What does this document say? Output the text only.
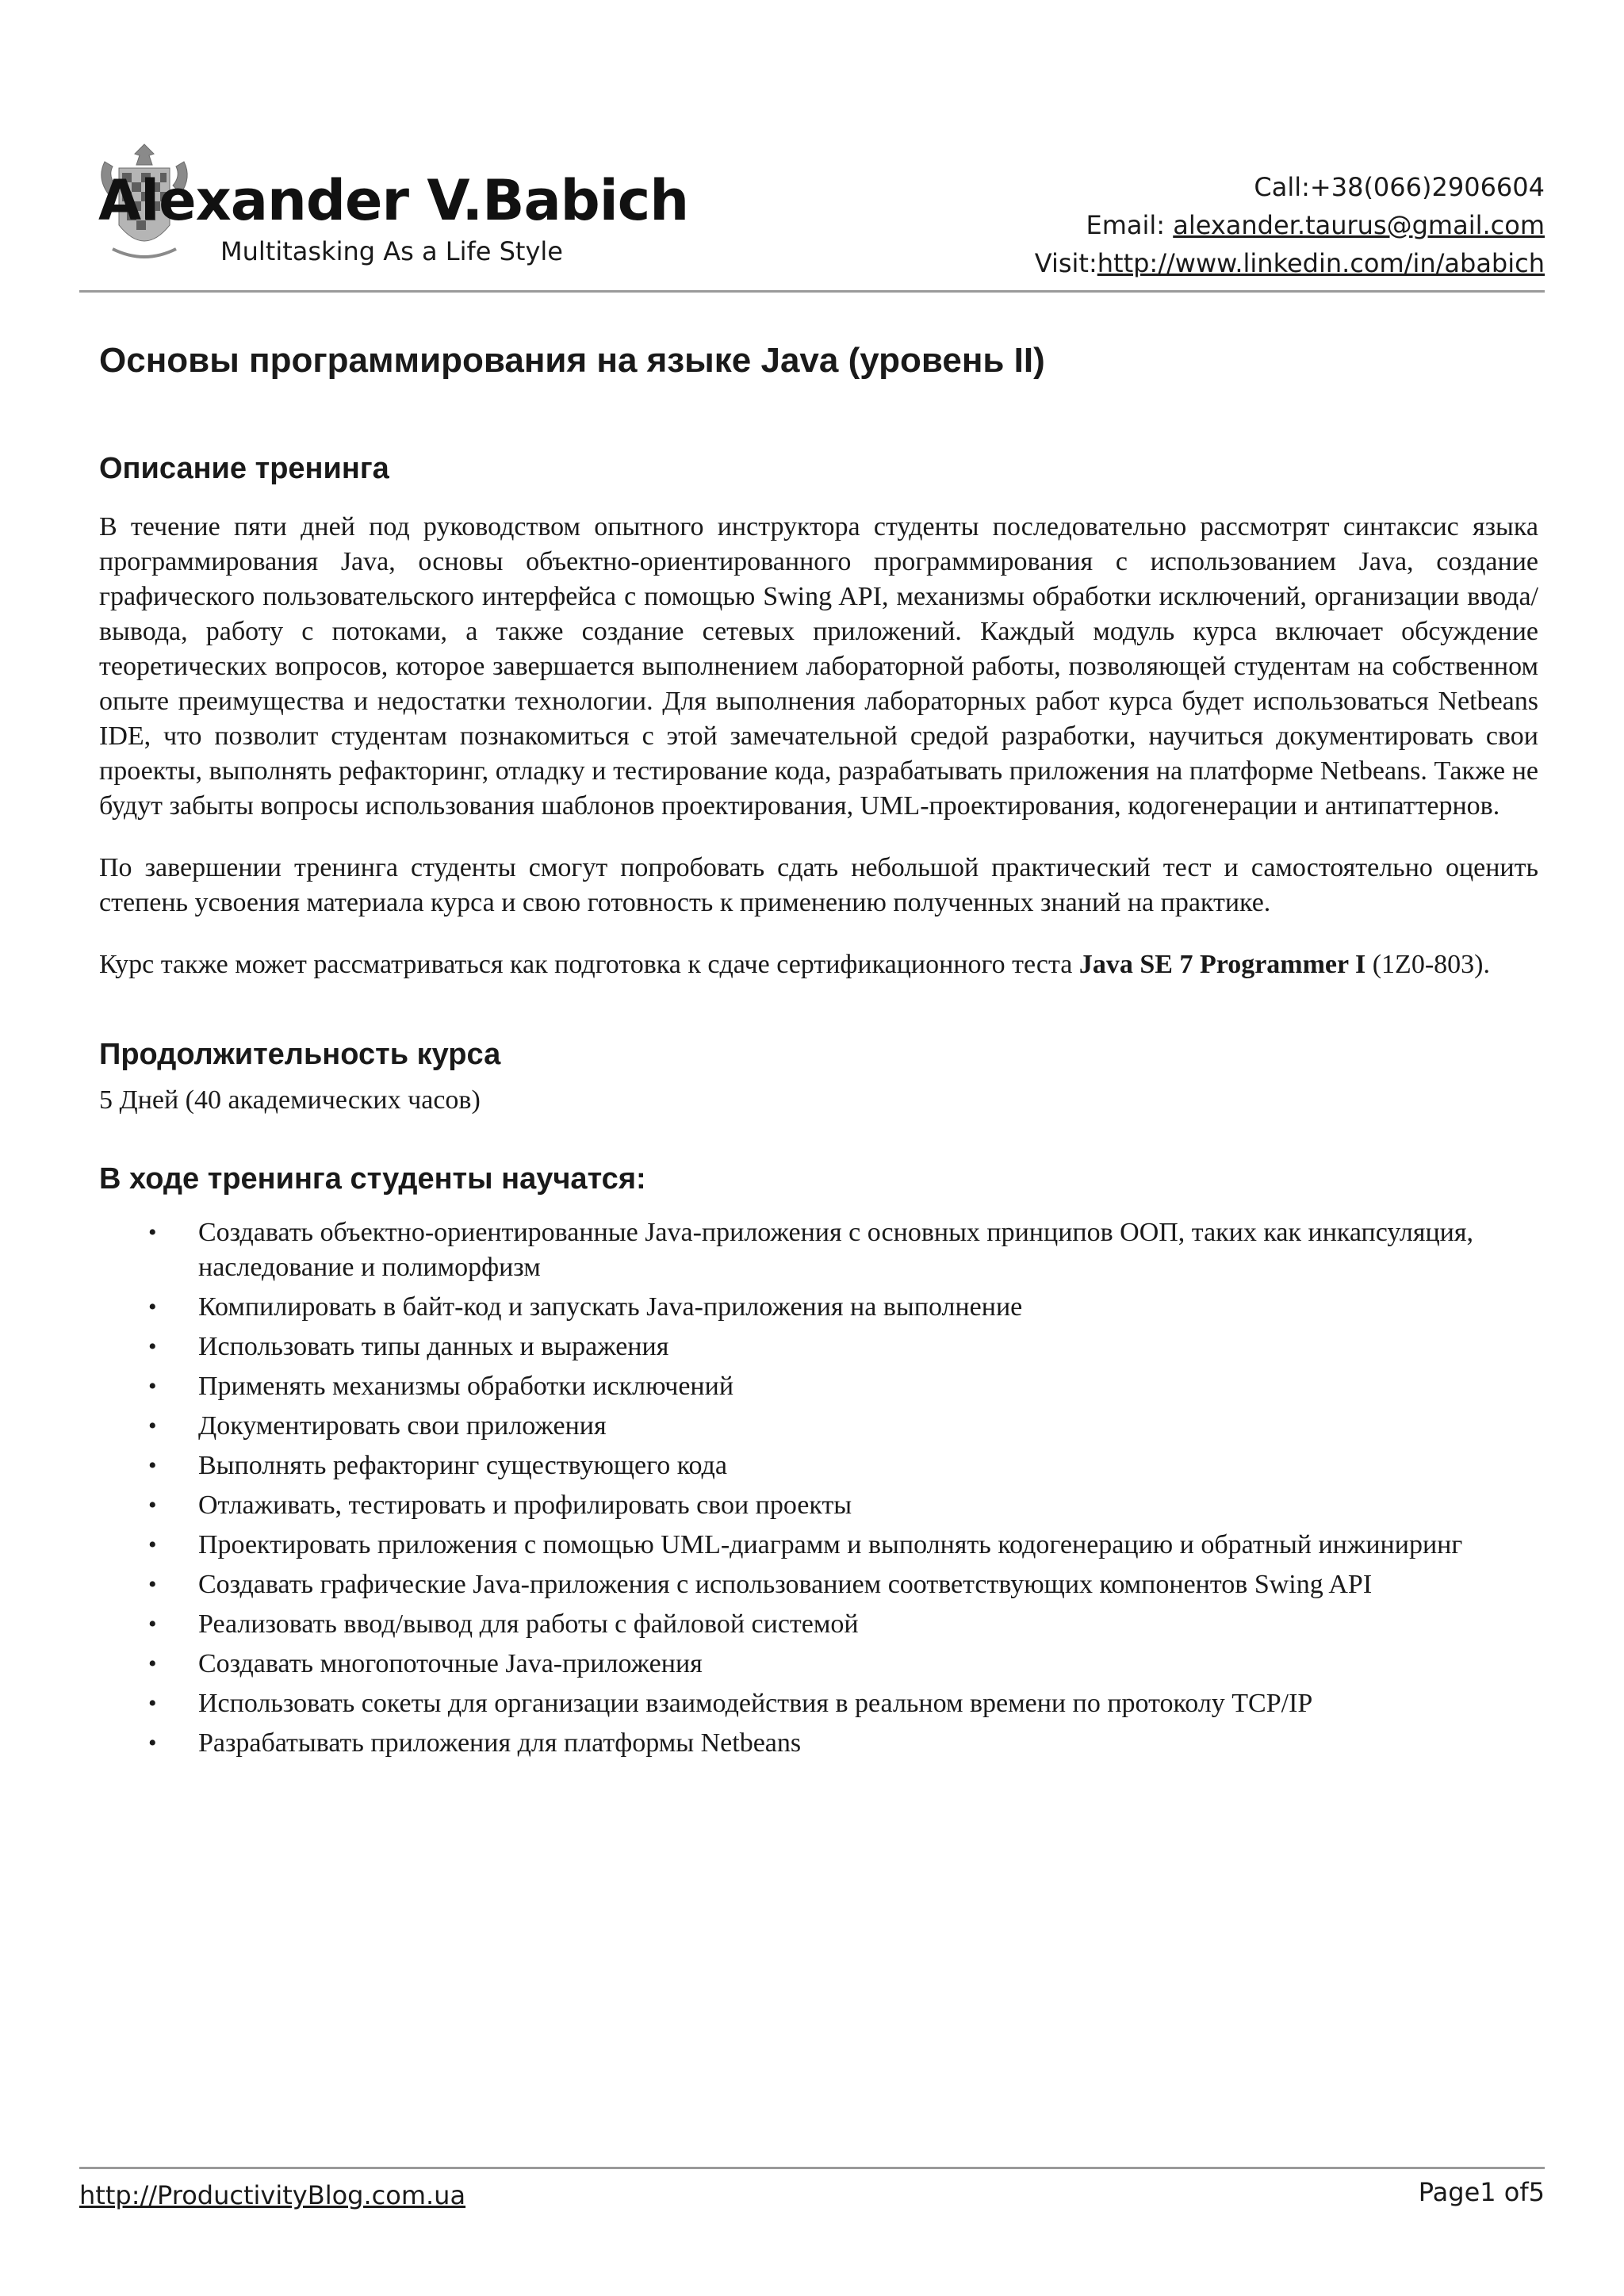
Alexander V.Babich
Multitasking As a Life Style
Call:+38(066)2906604
Email: alexander.taurus@gmail.com
Visit:http://www.linkedin.com/in/ababich
Основы программирования на языке Java (уровень II)
Описание тренинга

В течение пяти дней под руководством опытного инструктора студенты последовательно рассмотрят синтаксис языка программирования Java, основы объектно-ориентированного программирования с использованием Java, создание графического пользовательского интерфейса с помощью Swing API, механизмы обработки исключений, организации ввода/вывода, работу с потоками, а также создание сетевых приложений. Каждый модуль курса включает обсуждение теоретических вопросов, которое завершается выполнением лабораторной работы, позволяющей студентам на собственном опыте преимущества и недостатки технологии. Для выполнения лабораторных работ курса будет использоваться Netbeans IDE, что позволит студентам познакомиться с этой замечательной средой разработки, научиться документировать свои проекты, выполнять рефакторинг, отладку и тестирование кода, разрабатывать приложения на платформе Netbeans. Также не будут забыты вопросы использования шаблонов проектирования, UML-проектирования, кодогенерации и антипаттернов.

По завершении тренинга студенты смогут попробовать сдать небольшой практический тест и самостоятельно оценить степень усвоения материала курса и свою готовность к применению полученных знаний на практике.

Курс также может рассматриваться как подготовка к сдаче сертификационного теста Java SE 7 Programmer I (1Z0-803).

Продолжительность курса

5 Дней (40 академических часов)

В ходе тренинга студенты научатся:
• Создавать объектно-ориентированные Java-приложения с основных принципов ООП, таких как инкапсуляция, наследование и полиморфизм
• Компилировать в байт-код и запускать Java-приложения на выполнение
• Использовать типы данных и выражения
• Применять механизмы обработки исключений
• Документировать свои приложения
• Выполнять рефакторинг существующего кода
• Отлаживать, тестировать и профилировать свои проекты
• Проектировать приложения с помощью UML-диаграмм и выполнять кодогенерацию и обратный инжиниринг
• Создавать графические Java-приложения с использованием соответствующих компонентов Swing API
• Реализовать ввод/вывод для работы с файловой системой
• Создавать многопоточные Java-приложения
• Использовать сокеты для организации взаимодействия в реальном времени по протоколу TCP/IP
• Разрабатывать приложения для платформы Netbeans
http://ProductivityBlog.com.ua	Page1 of5
